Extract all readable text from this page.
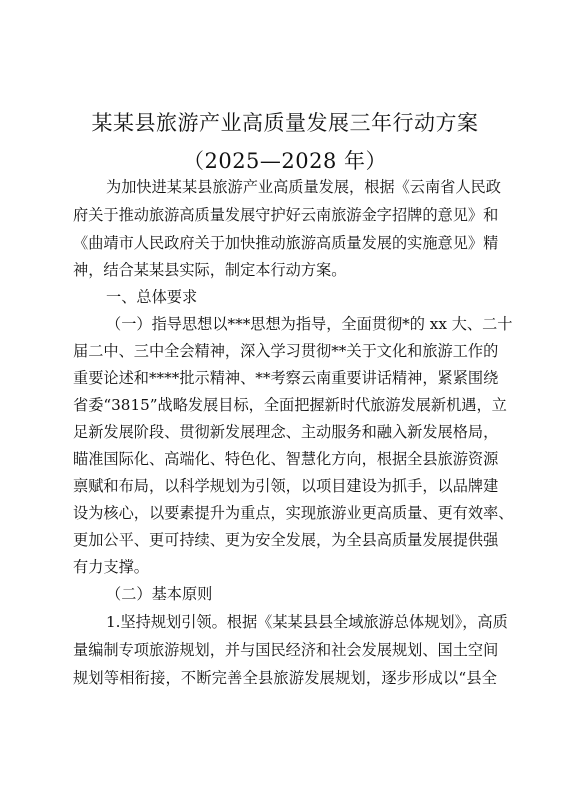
某某县旅游产业高质量发展三年行动方案
（2025—2028 年）
为加快进某某县旅游产业高质量发展，根据《云南省人民政
府关于推动旅游高质量发展守护好云南旅游金字招牌的意见》和
《曲靖市人民政府关于加快推动旅游高质量发展的实施意见》精
神，结合某某县实际，制定本行动方案。
一、总体要求
（一）指导思想以***思想为指导，全面贯彻*的 xx 大、二十
届二中、三中全会精神，深入学习贯彻**关于文化和旅游工作的
重要论述和****批示精神、**考察云南重要讲话精神，紧紧围绕
省委“3815”战略发展目标，全面把握新时代旅游发展新机遇，立
足新发展阶段、贯彻新发展理念、主动服务和融入新发展格局，
瞄准国际化、高端化、特色化、智慧化方向，根据全县旅游资源
禀赋和布局，以科学规划为引领，以项目建设为抓手，以品牌建
设为核心，以要素提升为重点，实现旅游业更高质量、更有效率、
更加公平、更可持续、更为安全发展，为全县高质量发展提供强
有力支撑。
（二）基本原则
1.坚持规划引领。根据《某某县县全域旅游总体规划》，高质
量编制专项旅游规划，并与国民经济和社会发展规划、国土空间
规划等相衔接，不断完善全县旅游发展规划，逐步形成以“县全
